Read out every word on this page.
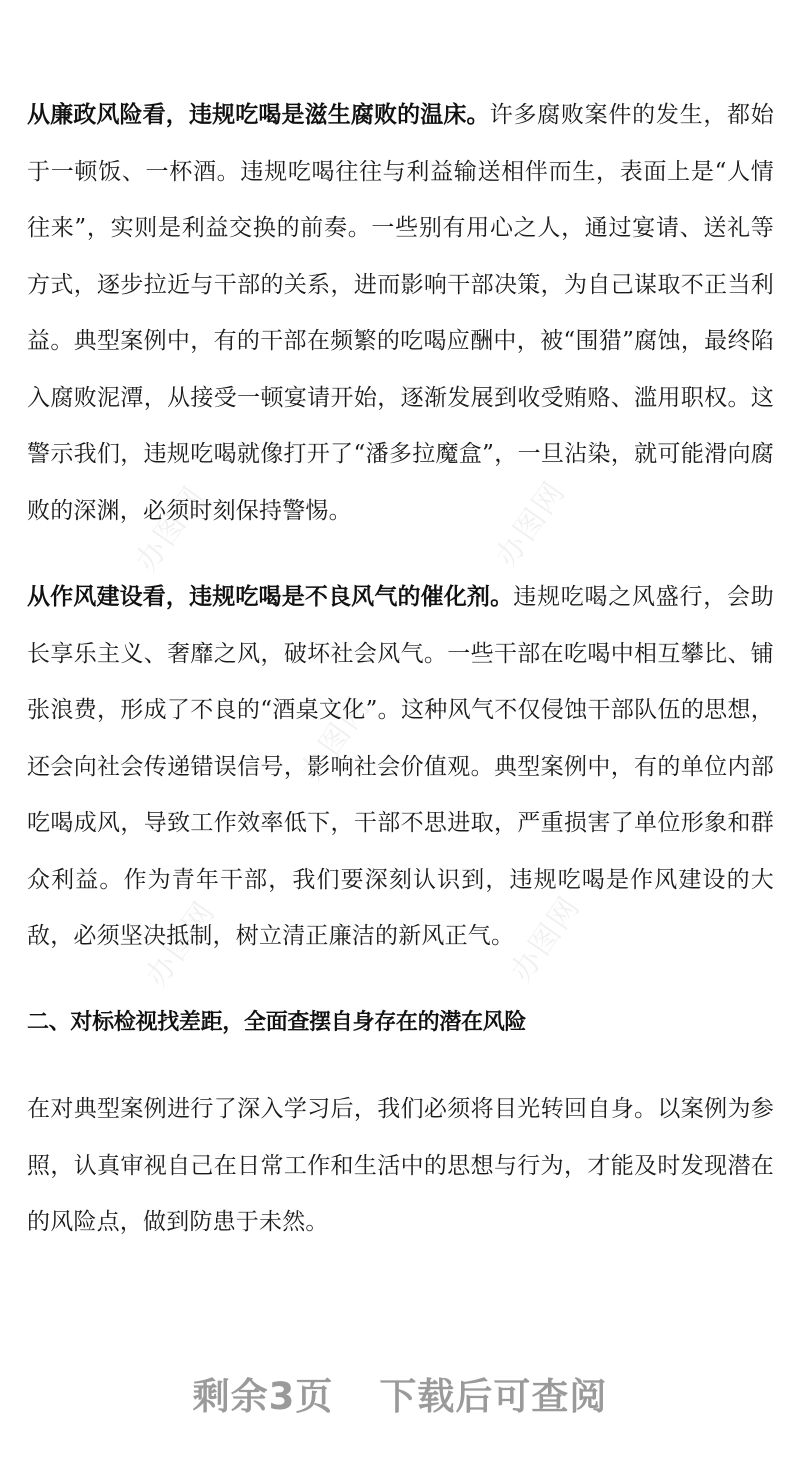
办图网	办图网
办图网
办图网	办图网

从廉政风险看，违规吃喝是滋生腐败的温床。许多腐败案件的发生，都始于一顿饭、一杯酒。违规吃喝往往与利益输送相伴而生，表面上是“人情往来”，实则是利益交换的前奏。一些别有用心之人，通过宴请、送礼等方式，逐步拉近与干部的关系，进而影响干部决策，为自己谋取不正当利益。典型案例中，有的干部在频繁的吃喝应酬中，被“围猎”腐蚀，最终陷入腐败泥潭，从接受一顿宴请开始，逐渐发展到收受贿赂、滥用职权。这警示我们，违规吃喝就像打开了“潘多拉魔盒”，一旦沾染，就可能滑向腐败的深渊，必须时刻保持警惕。

从作风建设看，违规吃喝是不良风气的催化剂。违规吃喝之风盛行，会助长享乐主义、奢靡之风，破坏社会风气。一些干部在吃喝中相互攀比、铺张浪费，形成了不良的“酒桌文化”。这种风气不仅侵蚀干部队伍的思想，还会向社会传递错误信号，影响社会价值观。典型案例中，有的单位内部吃喝成风，导致工作效率低下，干部不思进取，严重损害了单位形象和群众利益。作为青年干部，我们要深刻认识到，违规吃喝是作风建设的大敌，必须坚决抵制，树立清正廉洁的新风正气。

二、对标检视找差距，全面查摆自身存在的潜在风险

在对典型案例进行了深入学习后，我们必须将目光转回自身。以案例为参照，认真审视自己在日常工作和生活中的思想与行为，才能及时发现潜在的风险点，做到防患于未然。

剩余3页 下载后可查阅
